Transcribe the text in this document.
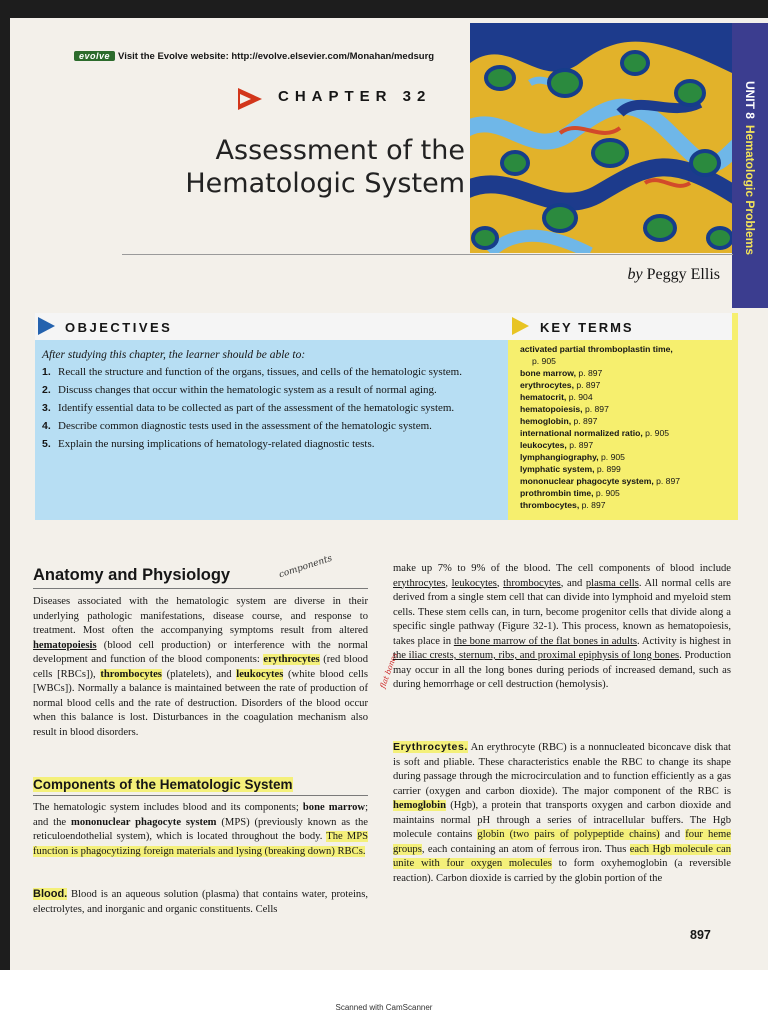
evolve Visit the Evolve website: http://evolve.elsevier.com/Monahan/medsurg
CHAPTER 32
Assessment of the
Hematologic System
UNIT 8Hematologic Problems
by Peggy Ellis
OBJECTIVES
After studying this chapter, the learner should be able to:
1. Recall the structure and function of the organs, tissues, and cells of the hematologic system.
2. Discuss changes that occur within the hematologic system as a result of normal aging.
3. Identify essential data to be collected as part of the assessment of the hematologic system.
4. Describe common diagnostic tests used in the assessment of the hematologic system.
5. Explain the nursing implications of hematology-related diagnostic tests.
KEY TERMS
activated partial thromboplastin time,
p. 905
bone marrow, p. 897
erythrocytes, p. 897
hematocrit, p. 904
hematopoiesis, p. 897
hemoglobin, p. 897
international normalized ratio, p. 905
leukocytes, p. 897
lymphangiography, p. 905
lymphatic system, p. 899
mononuclear phagocyte system, p. 897
prothrombin time, p. 905
thrombocytes, p. 897
Anatomy and Physiology	components

Diseases associated with the hematologic system are diverse in their underlying pathologic manifestations, disease course, and response to treatment. Most often the accompanying symptoms result from altered hematopoiesis (blood cell production) or interference with the normal development and function of the blood components: erythrocytes (red blood cells [RBCs]), thrombocytes (platelets), and leukocytes (white blood cells [WBCs]). Normally a balance is maintained between the rate of production of normal blood cells and the rate of destruction. Disorders of the blood occur when this balance is lost. Disturbances in the coagulation mechanism also result in blood disorders.

Components of the Hematologic System

The hematologic system includes blood and its components; bone marrow; and the mononuclear phagocyte system (MPS) (previously known as the reticuloendothelial system), which is located throughout the body. The MPS function is phagocytizing foreign materials and lysing (breaking down) RBCs.

Blood. Blood is an aqueous solution (plasma) that contains water, proteins, electrolytes, and inorganic and organic constituents. Cells

flat bones

make up 7% to 9% of the blood. The cell components of blood include erythrocytes, leukocytes, thrombocytes, and plasma cells. All normal cells are derived from a single stem cell that can divide into lymphoid and myeloid stem cells. These stem cells can, in turn, become progenitor cells that divide along a specific single pathway (Figure 32-1). This process, known as hematopoiesis, takes place in the bone marrow of the flat bones in adults. Activity is highest in the iliac crests, sternum, ribs, and proximal epiphysis of long bones. Production may occur in all the long bones during periods of increased demand, such as during hemorrhage or cell destruction (hemolysis).

Erythrocytes. An erythrocyte (RBC) is a nonnucleated biconcave disk that is soft and pliable. These characteristics enable the RBC to change its shape during passage through the microcirculation and to function efficiently as a gas carrier (oxygen and carbon dioxide). The major component of the RBC is hemoglobin (Hgb), a protein that transports oxygen and carbon dioxide and maintains normal pH through a series of intracellular buffers. The Hgb molecule contains globin (two pairs of polypeptide chains) and four heme groups, each containing an atom of ferrous iron. Thus each Hgb molecule can unite with four oxygen molecules to form oxyhemoglobin (a reversible reaction). Carbon dioxide is carried by the globin portion of the

897
Scanned with CamScanner
